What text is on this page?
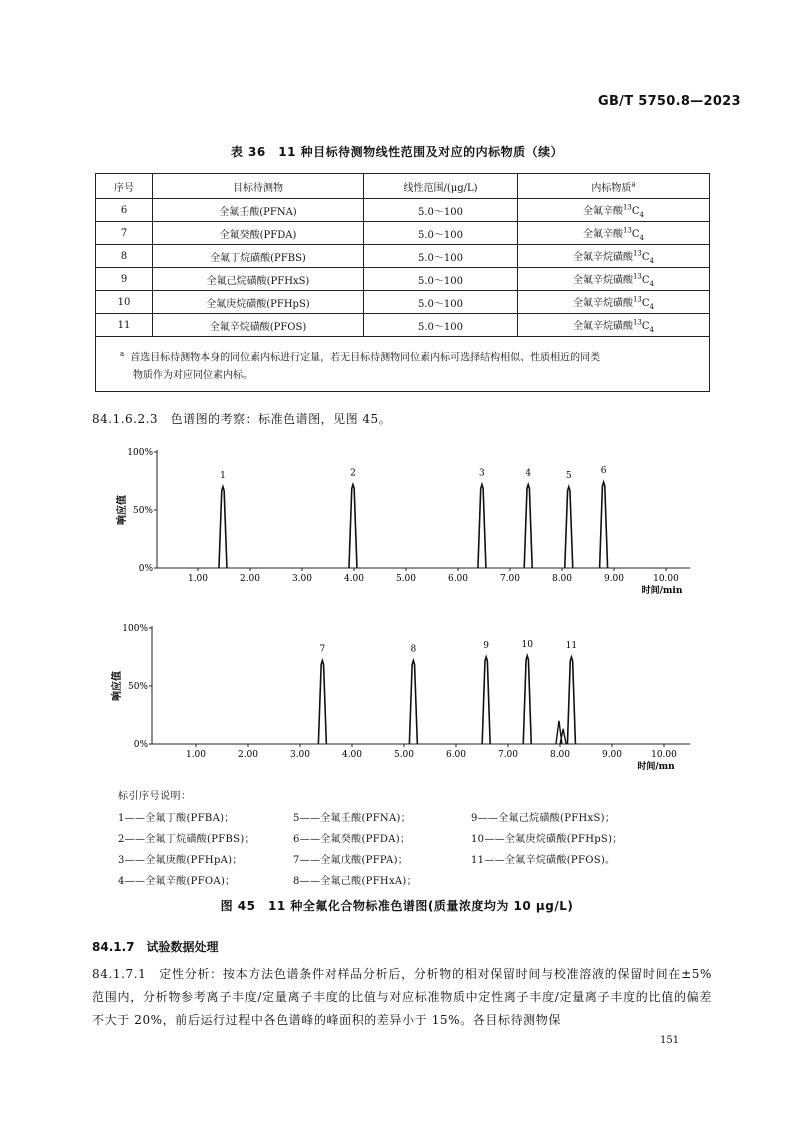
GB/T 5750.8—2023
表 36　11 种目标待测物线性范围及对应的内标物质（续）
序号	目标待测物	线性范围/(μg/L)	内标物质$^a$
6	全氟壬酸(PFNA)	5.0～100	全氟辛酸$^{13}C_4$
7	全氟癸酸(PFDA)	5.0～100	全氟辛酸$^{13}C_4$
8	全氟丁烷磺酸(PFBS)	5.0～100	全氟辛烷磺酸$^{13}C_4$
9	全氟己烷磺酸(PFHxS)	5.0～100	全氟辛烷磺酸$^{13}C_4$
10	全氟庚烷磺酸(PFHpS)	5.0～100	全氟辛烷磺酸$^{13}C_4$
11	全氟辛烷磺酸(PFOS)	5.0～100	全氟辛烷磺酸$^{13}C_4$

$^a$ 首选目标待测物本身的同位素内标进行定量，若无目标待测物同位素内标可选择结构相似、性质相近的同类
物质作为对应同位素内标。			
84.1.6.2.3　色谱图的考察：标准色谱图，见图 45。
100%
50%
0%
响应值
1.00	2.00	3.00	4.00	5.00	6.00	7.00	8.00	9.00	10.00
时间/min
1	2	3	4	5	6
100%
50%
0%
响应值
1.00	2.00	3.00	4.00	5.00	6.00	7.00	8.00	9.00	10.00
时间/mn
7	8	9	10	11
标引序号说明：
1——全氟丁酸(PFBA)；
2——全氟丁烷磺酸(PFBS)；
3——全氟庚酸(PFHpA)；
4——全氟辛酸(PFOA)；
5——全氟壬酸(PFNA)；
6——全氟癸酸(PFDA)；
7——全氟戊酸(PFPA)；
8——全氟己酸(PFHxA)；
9——全氟己烷磺酸(PFHxS)；
10——全氟庚烷磺酸(PFHpS)；
11——全氟辛烷磺酸(PFOS)。
图 45　11 种全氟化合物标准色谱图(质量浓度均为 10 μg/L)
84.1.7　试验数据处理
84.1.7.1　定性分析：按本方法色谱条件对样品分析后，分析物的相对保留时间与校准溶液的保留时间在±5%范围内，分析物参考离子丰度/定量离子丰度的比值与对应标准物质中定性离子丰度/定量离子丰度的比值的偏差不大于 20%，前后运行过程中各色谱峰的峰面积的差异小于 15%。各目标待测物保
151
